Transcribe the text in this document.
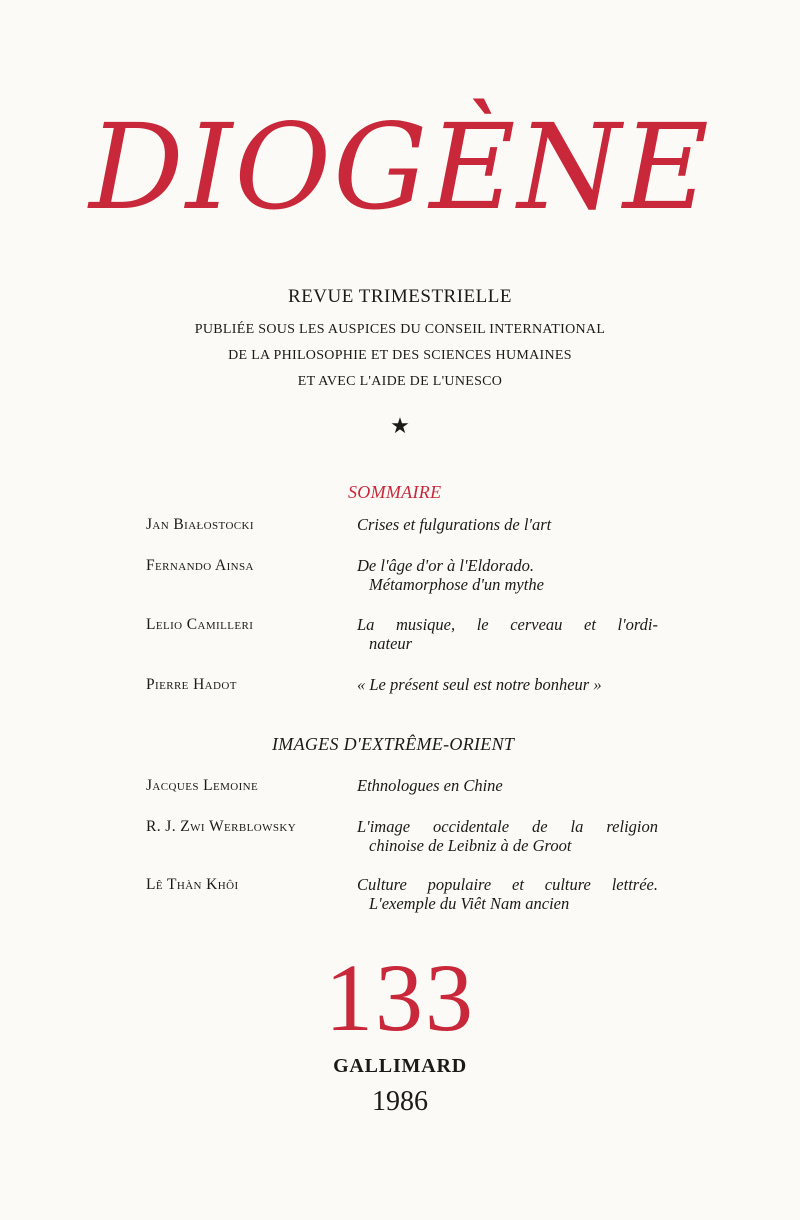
DIOGÈNE
REVUE TRIMESTRIELLE
PUBLIÉE SOUS LES AUSPICES DU CONSEIL INTERNATIONAL
DE LA PHILOSOPHIE ET DES SCIENCES HUMAINES
ET AVEC L'AIDE DE L'UNESCO
★
SOMMAIRE
Jan Białostocki	Crises et fulgurations de l'art
Fernando Ainsa	De l'âge d'or à l'Eldorado.
Métamorphose d'un mythe
Lelio Camilleri	La musique, le cerveau et l'ordi-
nateur
Pierre Hadot	« Le présent seul est notre bonheur »
IMAGES D'EXTRÊME-ORIENT
Jacques Lemoine	Ethnologues en Chine
R. J. Zwi Werblowsky	L'image occidentale de la religion
chinoise de Leibniz à de Groot
Lê Thàn Khôi	Culture populaire et culture lettrée.
L'exemple du Viêt Nam ancien
133
GALLIMARD
1986
